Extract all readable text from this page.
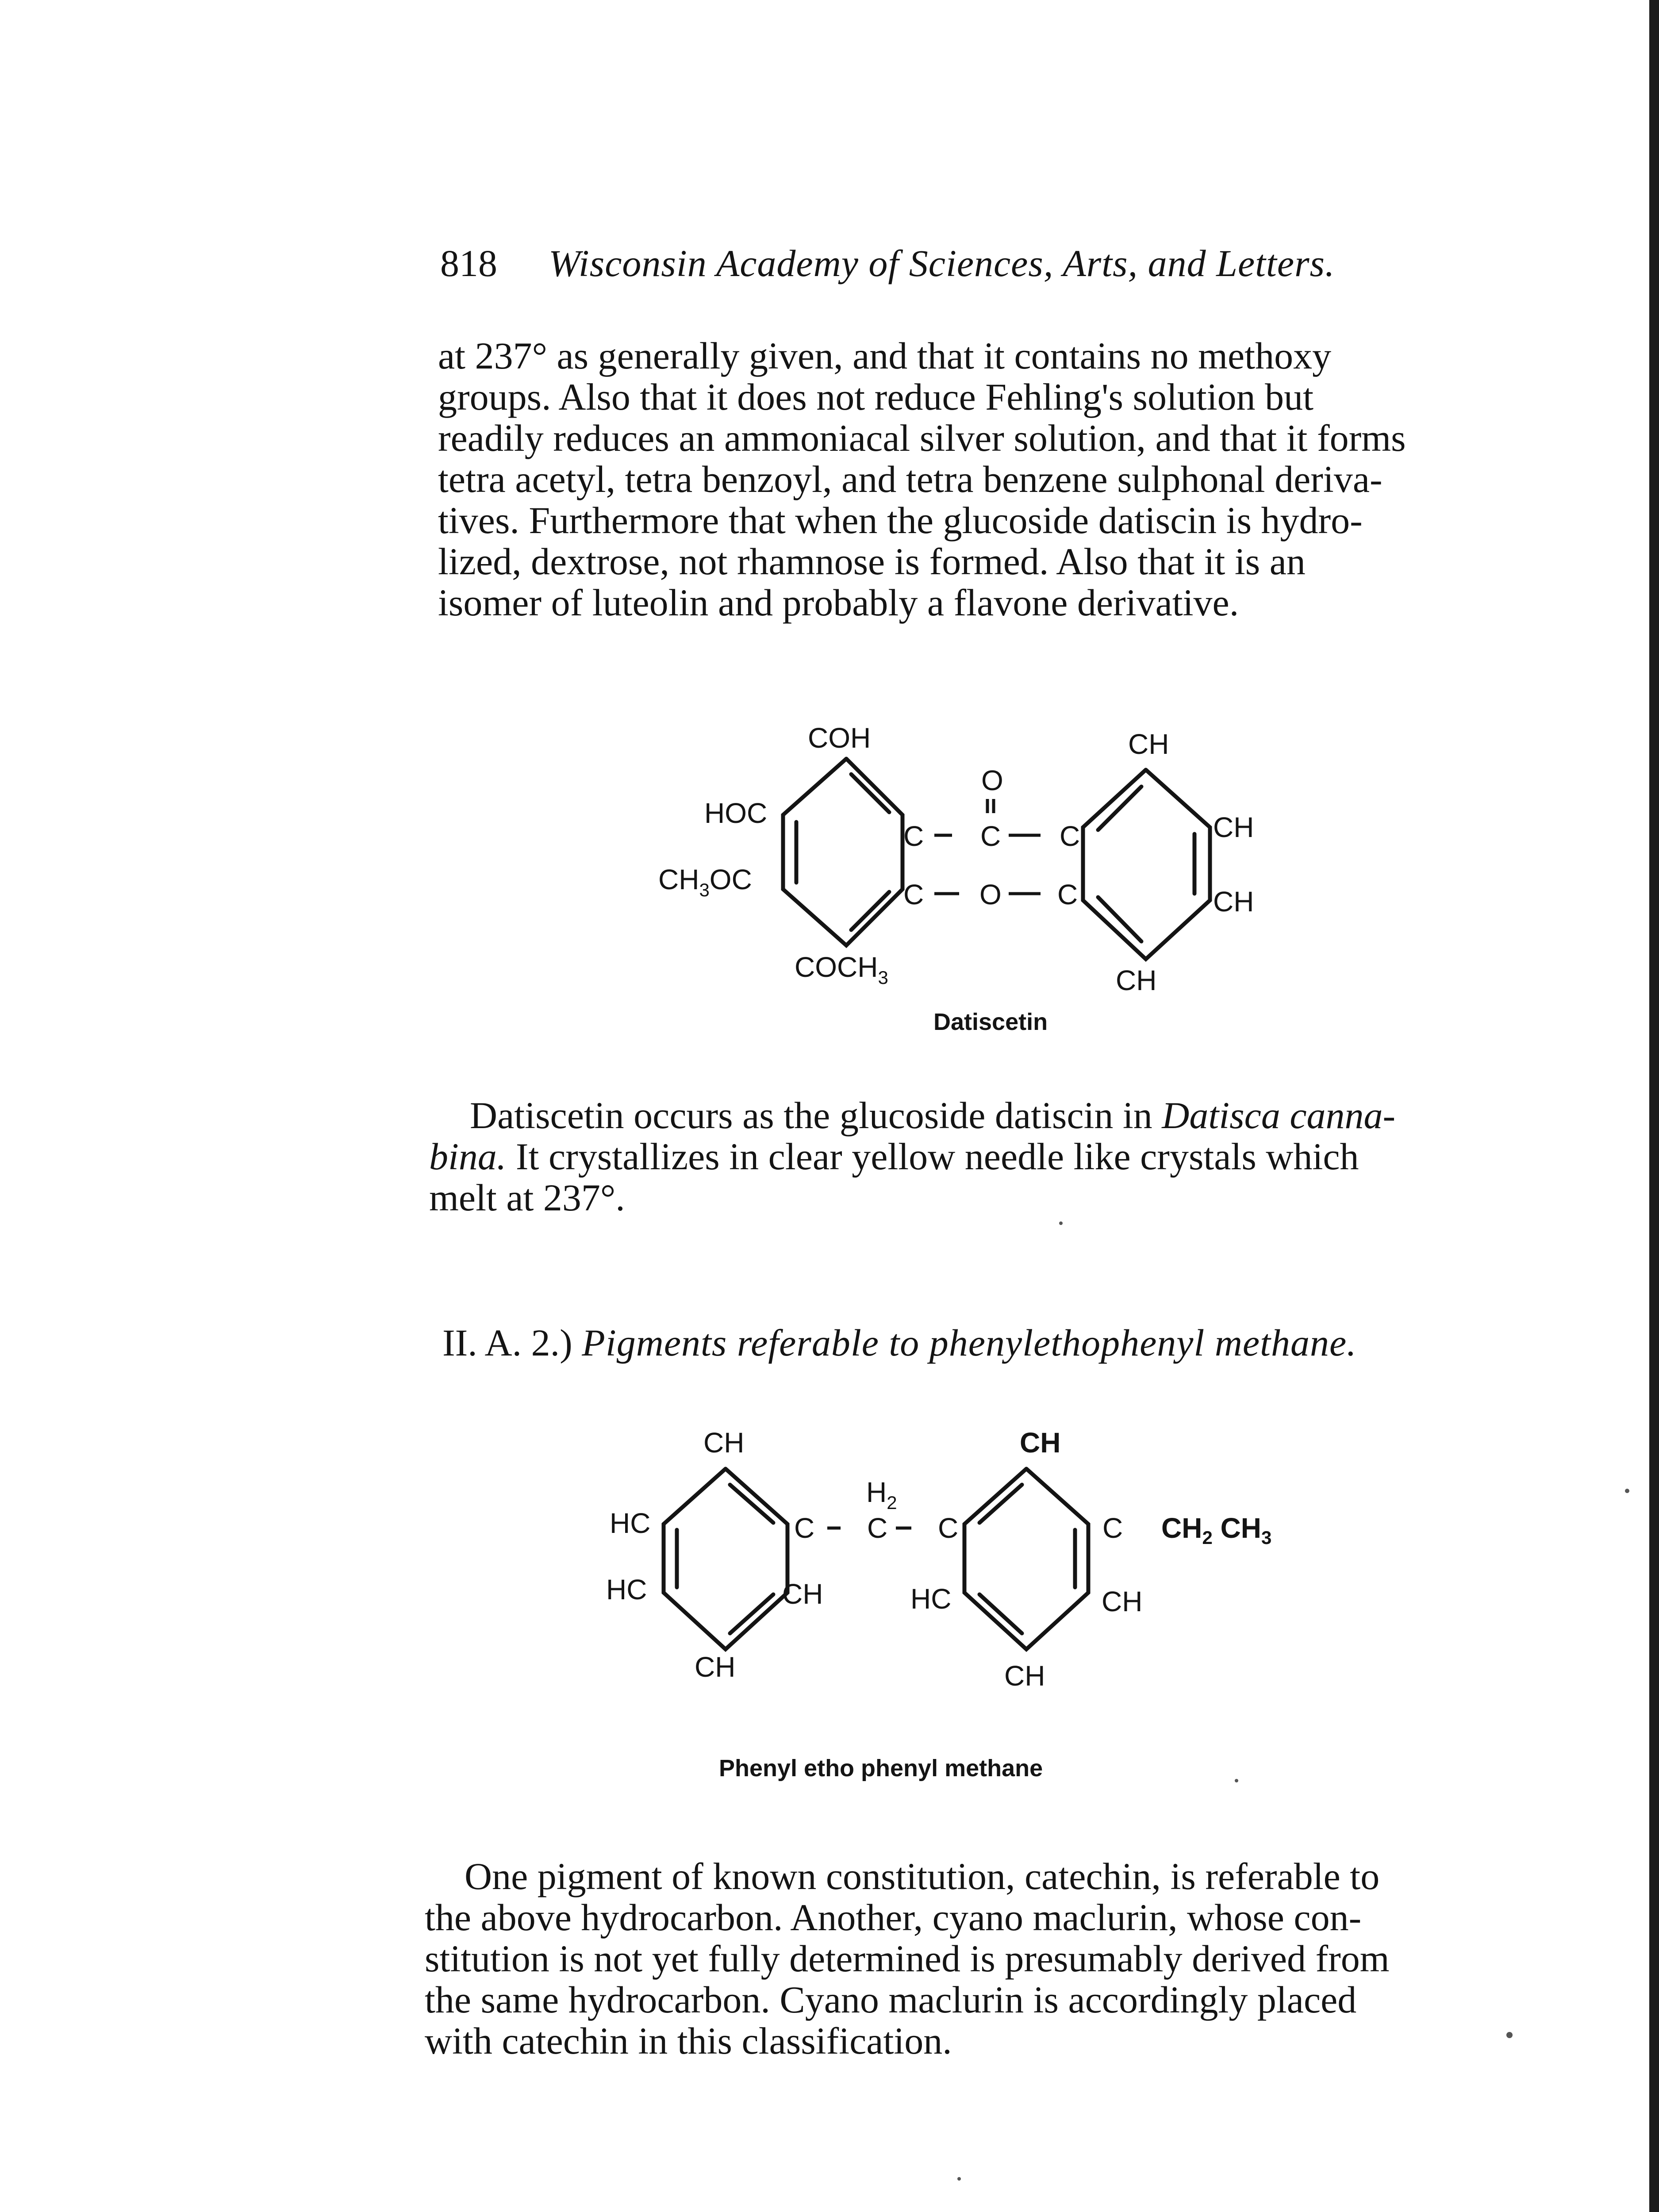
818 Wisconsin Academy of Sciences, Arts, and Letters.
at 237° as generally given, and that it contains no methoxy
groups. Also that it does not reduce Fehling's solution but
readily reduces an ammoniacal silver solution, and that it forms
tetra acetyl, tetra benzoyl, and tetra benzene sulphonal deriva-
tives. Furthermore that when the glucoside datiscin is hydro-
lized, dextrose, not rhamnose is formed. Also that it is an
isomer of luteolin and probably a flavone derivative.
COH
HOC
$CH_3OC$
$COCH_3$
C
C
O
C
O
C
C
CH
CH
CH
CH
Datiscetin
Datiscetin occurs as the glucoside datiscin in Datisca canna-
bina. It crystallizes in clear yellow needle like crystals which
melt at 237°.
II. A. 2.) Pigments referable to phenylethophenyl methane.
CH
HC
HC
CH
CH
C
$H_2$
C C
CH
C $CH_2$ $CH_3$
HC	CH
CH
Phenyl etho phenyl methane
One pigment of known constitution, catechin, is referable to
the above hydrocarbon. Another, cyano maclurin, whose con-
stitution is not yet fully determined is presumably derived from
the same hydrocarbon. Cyano maclurin is accordingly placed
with catechin in this classification.
